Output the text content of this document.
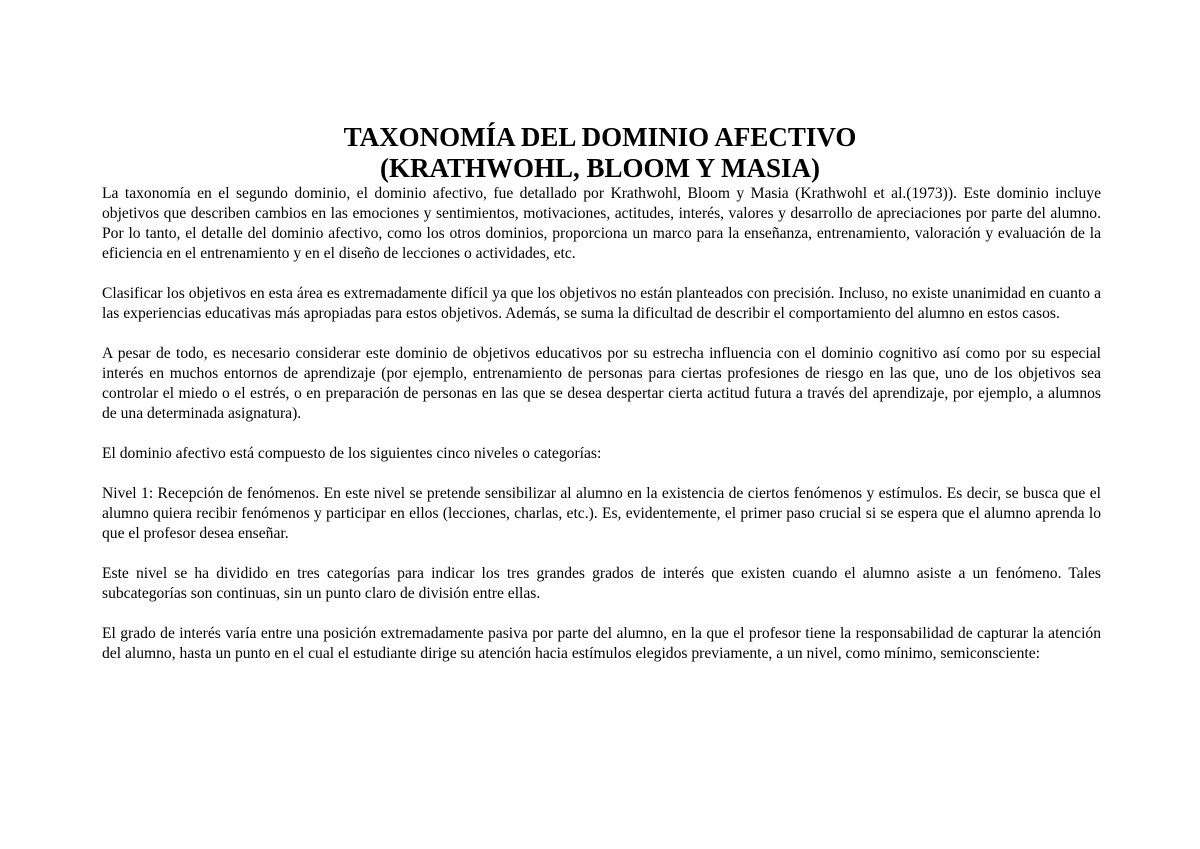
TAXONOMÍA DEL DOMINIO AFECTIVO
(KRATHWOHL, BLOOM Y MASIA)

La taxonomía en el segundo dominio, el dominio afectivo, fue detallado por Krathwohl, Bloom y Masia (Krathwohl et al.(1973)). Este dominio incluye objetivos que describen cambios en las emociones y sentimientos, motivaciones, actitudes, interés, valores y desarrollo de apreciaciones por parte del alumno. Por lo tanto, el detalle del dominio afectivo, como los otros dominios, proporciona un marco para la enseñanza, entrenamiento, valoración y evaluación de la eficiencia en el entrenamiento y en el diseño de lecciones o actividades, etc.

Clasificar los objetivos en esta área es extremadamente difícil ya que los objetivos no están planteados con precisión. Incluso, no existe unanimidad en cuanto a las experiencias educativas más apropiadas para estos objetivos. Además, se suma la dificultad de describir el comportamiento del alumno en estos casos.

A pesar de todo, es necesario considerar este dominio de objetivos educativos por su estrecha influencia con el dominio cognitivo así como por su especial interés en muchos entornos de aprendizaje (por ejemplo, entrenamiento de personas para ciertas profesiones de riesgo en las que, uno de los objetivos sea controlar el miedo o el estrés, o en preparación de personas en las que se desea despertar cierta actitud futura a través del aprendizaje, por ejemplo, a alumnos de una determinada asignatura).

El dominio afectivo está compuesto de los siguientes cinco niveles o categorías:

Nivel 1: Recepción de fenómenos. En este nivel se pretende sensibilizar al alumno en la existencia de ciertos fenómenos y estímulos. Es decir, se busca que el alumno quiera recibir fenómenos y participar en ellos (lecciones, charlas, etc.). Es, evidentemente, el primer paso crucial si se espera que el alumno aprenda lo que el profesor desea enseñar.

Este nivel se ha dividido en tres categorías para indicar los tres grandes grados de interés que existen cuando el alumno asiste a un fenómeno. Tales subcategorías son continuas, sin un punto claro de división entre ellas.

El grado de interés varía entre una posición extremadamente pasiva por parte del alumno, en la que el profesor tiene la responsabilidad de capturar la atención del alumno, hasta un punto en el cual el estudiante dirige su atención hacia estímulos elegidos previamente, a un nivel, como mínimo, semiconsciente:
